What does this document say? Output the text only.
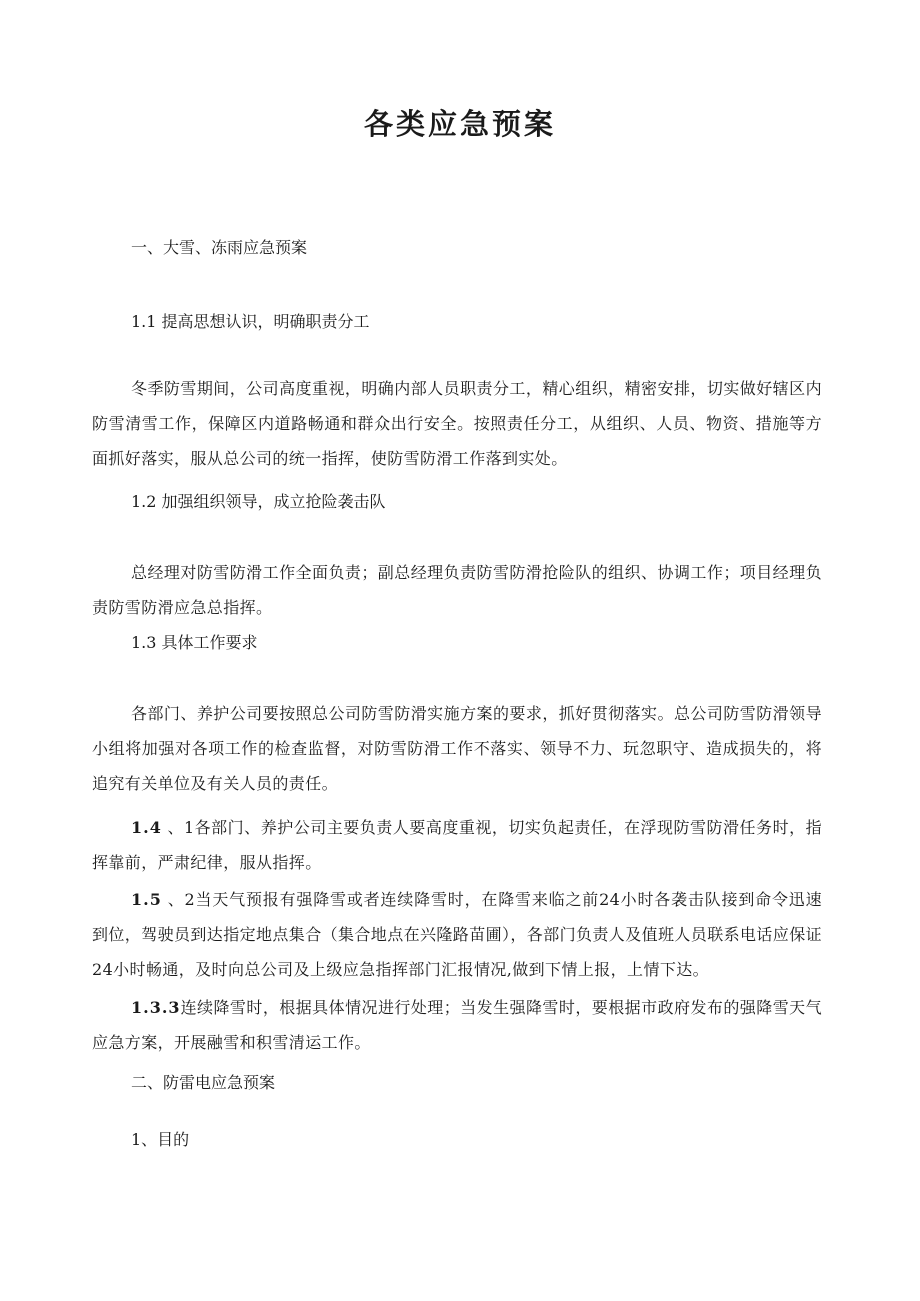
各类应急预案
一、大雪、冻雨应急预案
1.1 提高思想认识，明确职责分工
冬季防雪期间，公司高度重视，明确内部人员职责分工，精心组织，精密安排，切实做好辖区内防雪清雪工作，保障区内道路畅通和群众出行安全。按照责任分工，从组织、人员、物资、措施等方面抓好落实，服从总公司的统一指挥，使防雪防滑工作落到实处。
1.2 加强组织领导，成立抢险袭击队
总经理对防雪防滑工作全面负责；副总经理负责防雪防滑抢险队的组织、协调工作；项目经理负责防雪防滑应急总指挥。
1.3 具体工作要求
各部门、养护公司要按照总公司防雪防滑实施方案的要求，抓好贯彻落实。总公司防雪防滑领导小组将加强对各项工作的检查监督，对防雪防滑工作不落实、领导不力、玩忽职守、造成损失的，将追究有关单位及有关人员的责任。
1.4 、1各部门、养护公司主要负责人要高度重视，切实负起责任，在浮现防雪防滑任务时，指挥靠前，严肃纪律，服从指挥。
1.5 、2当天气预报有强降雪或者连续降雪时，在降雪来临之前24小时各袭击队接到命令迅速到位，驾驶员到达指定地点集合（集合地点在兴隆路苗圃），各部门负责人及值班人员联系电话应保证24小时畅通，及时向总公司及上级应急指挥部门汇报情况,做到下情上报，上情下达。
1.3.3连续降雪时，根据具体情况进行处理；当发生强降雪时，要根据市政府发布的强降雪天气应急方案，开展融雪和积雪清运工作。
二、防雷电应急预案
1、目的
